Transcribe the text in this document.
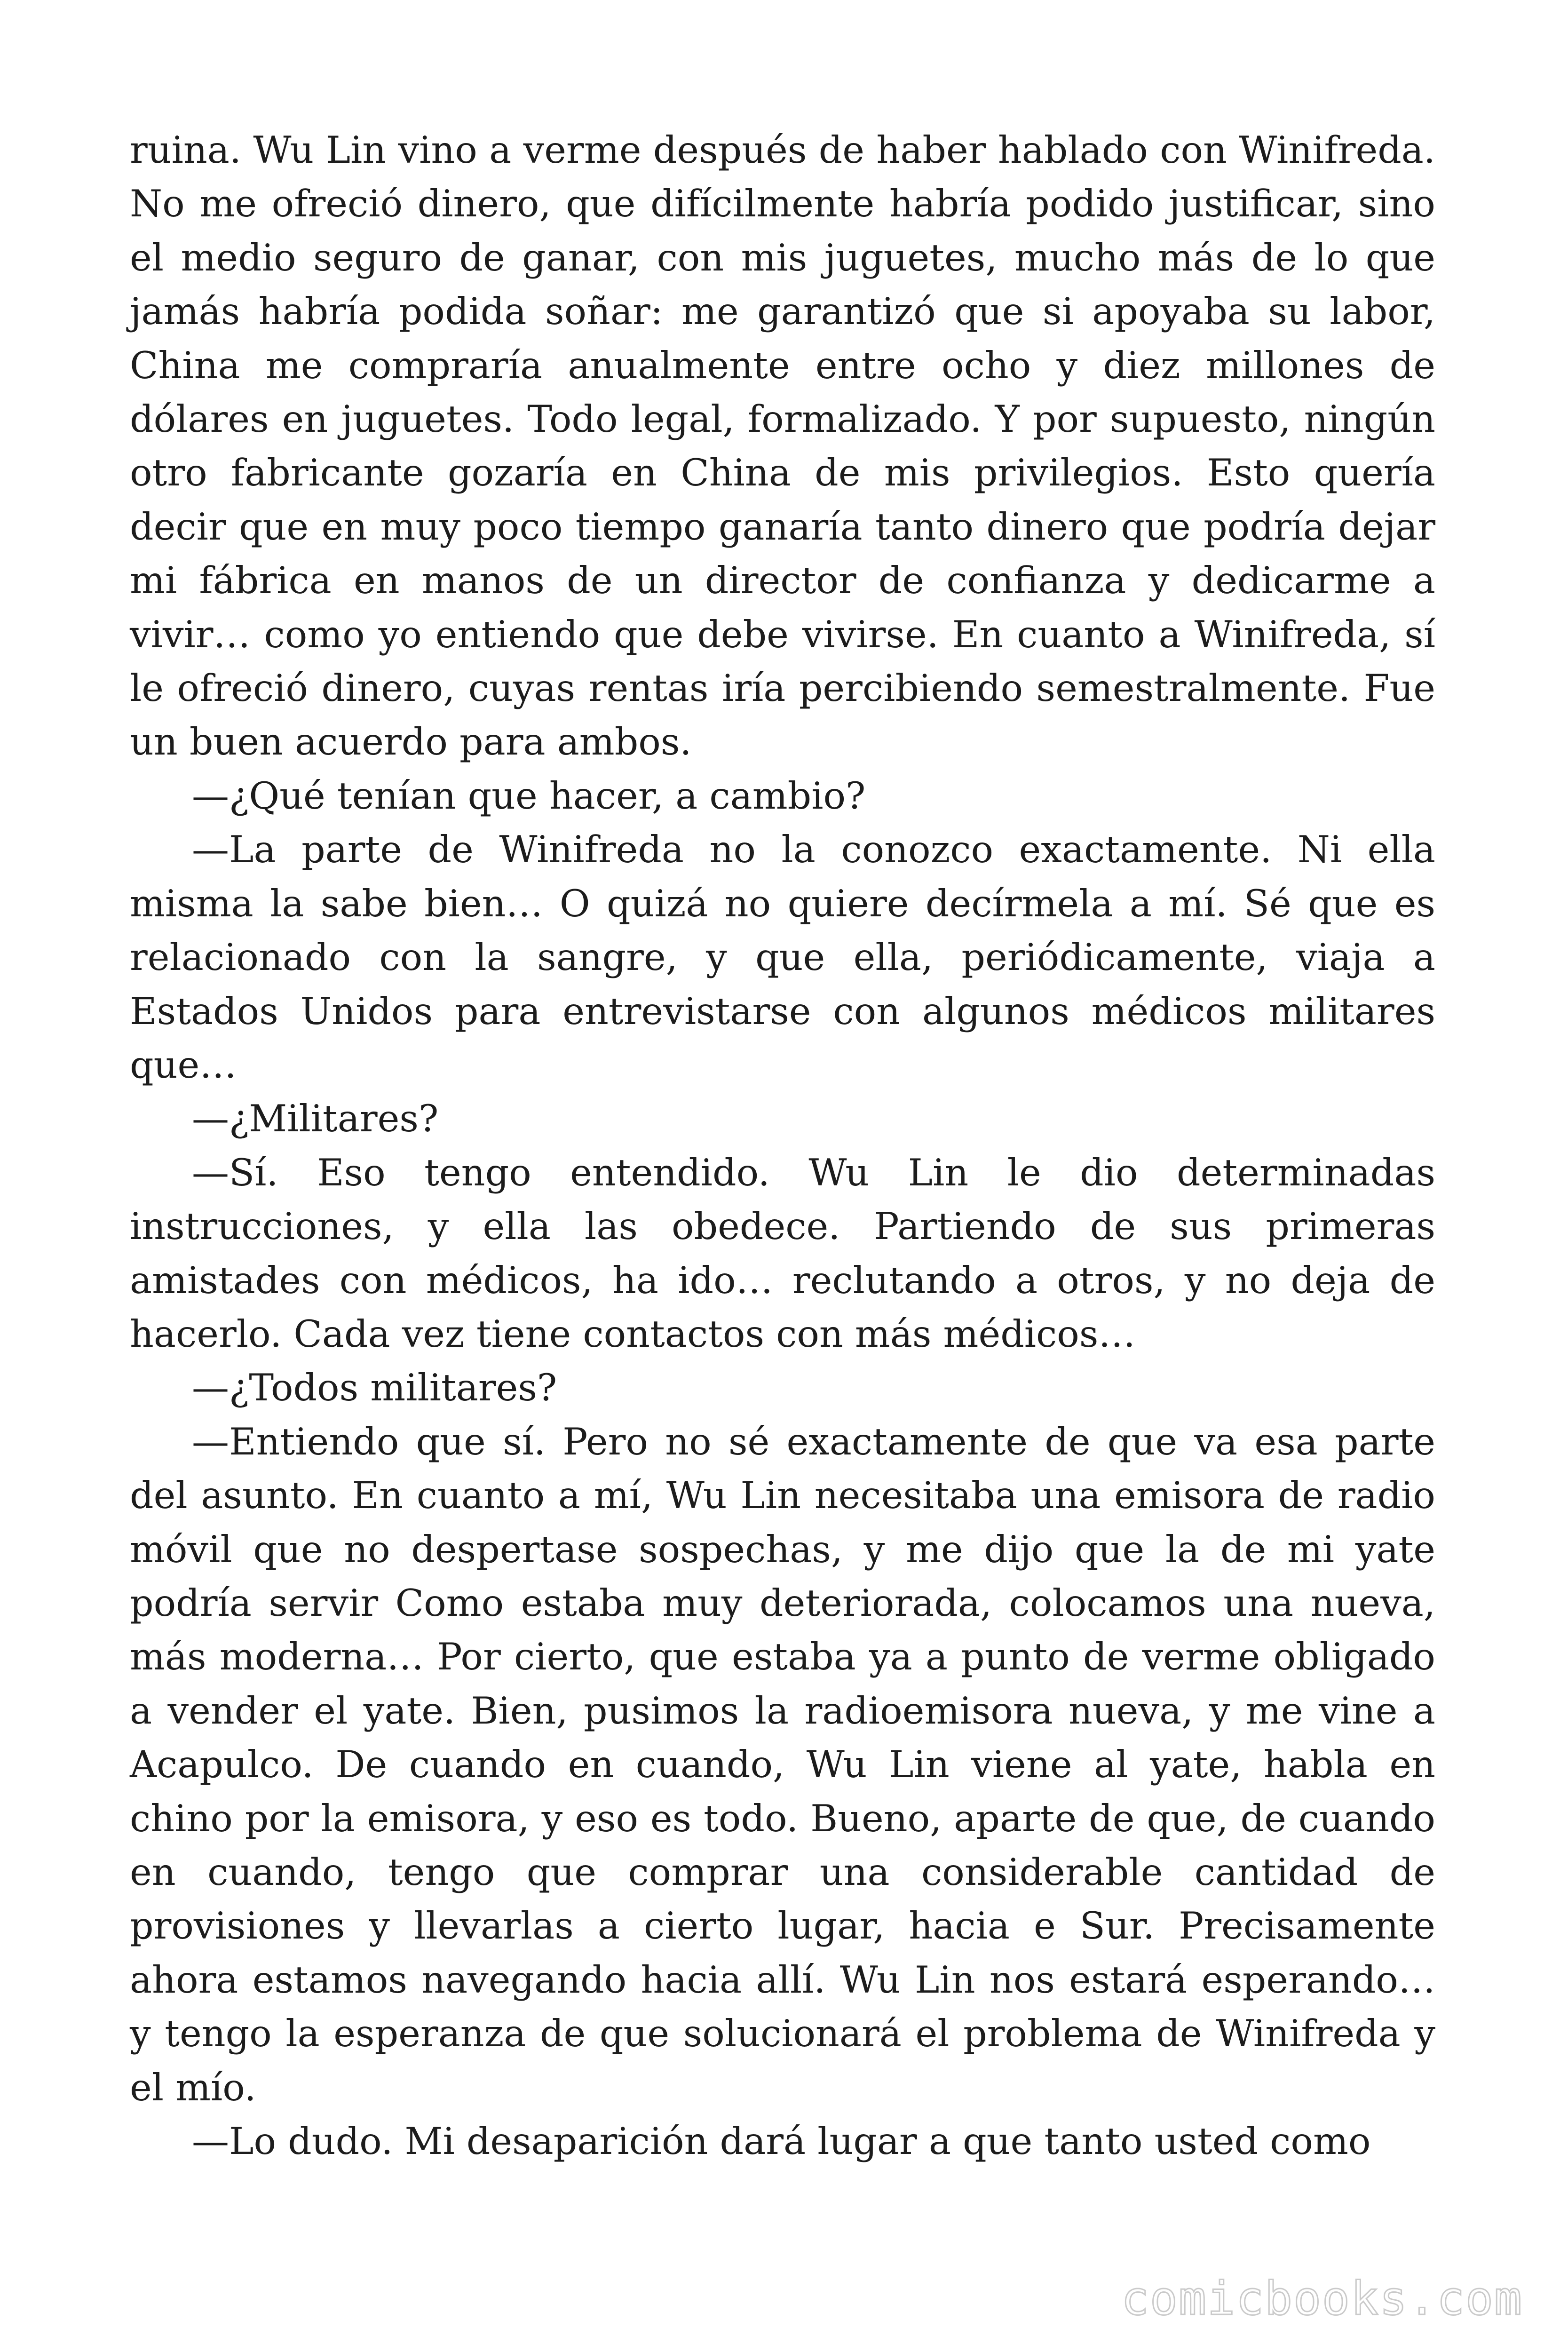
ruina. Wu Lin vino a verme después de haber hablado con Winifreda. No me ofreció dinero, que difícilmente habría podido justificar, sino el medio seguro de ganar, con mis juguetes, mucho más de lo que jamás habría podida soñar: me garantizó que si apoyaba su labor, China me compraría anualmente entre ocho y diez millones de dólares en juguetes. Todo legal, formalizado. Y por supuesto, ningún otro fabricante gozaría en China de mis privilegios. Esto quería decir que en muy poco tiempo ganaría tanto dinero que podría dejar mi fábrica en manos de un director de confianza y dedicarme a vivir… como yo entiendo que debe vivirse. En cuanto a Winifreda, sí le ofreció dinero, cuyas rentas iría percibiendo semestralmente. Fue un buen acuerdo para ambos.

—¿Qué tenían que hacer, a cambio?

—La parte de Winifreda no la conozco exactamente. Ni ella misma la sabe bien… O quizá no quiere decírmela a mí. Sé que es relacionado con la sangre, y que ella, periódicamente, viaja a Estados Unidos para entrevistarse con algunos médicos militares que…

—¿Militares?

—Sí. Eso tengo entendido. Wu Lin le dio determinadas instrucciones, y ella las obedece. Partiendo de sus primeras amistades con médicos, ha ido… reclutando a otros, y no deja de hacerlo. Cada vez tiene contactos con más médicos…

—¿Todos militares?

—Entiendo que sí. Pero no sé exactamente de que va esa parte del asunto. En cuanto a mí, Wu Lin necesitaba una emisora de radio móvil que no despertase sospechas, y me dijo que la de mi yate podría servir Como estaba muy deteriorada, colocamos una nueva, más moderna… Por cierto, que estaba ya a punto de verme obligado a vender el yate. Bien, pusimos la radioemisora nueva, y me vine a Acapulco. De cuando en cuando, Wu Lin viene al yate, habla en chino por la emisora, y eso es todo. Bueno, aparte de que, de cuando en cuando, tengo que comprar una considerable cantidad de provisiones y llevarlas a cierto lugar, hacia e Sur. Precisamente ahora estamos navegando hacia allí. Wu Lin nos estará esperando… y tengo la esperanza de que solucionará el problema de Winifreda y el mío.

—Lo dudo. Mi desaparición dará lugar a que tanto usted como

comicbooks.com
